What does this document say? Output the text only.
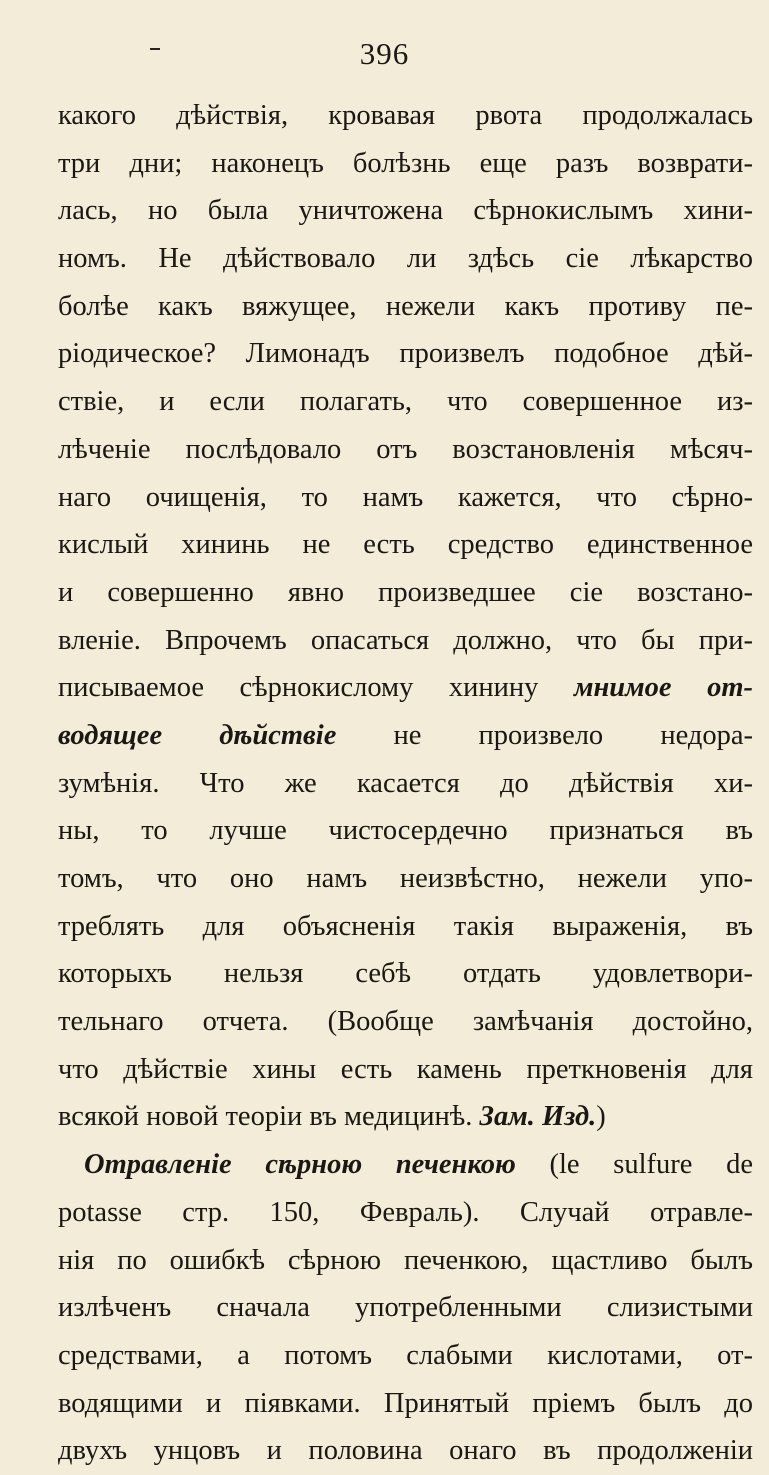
396
какого дѣйствія, кровавая рвота продолжалась
три дни; наконецъ болѣзнь еще разъ возврати-
лась, но была уничтожена сѣрнокислымъ хини-
номъ. Не дѣйствовало ли здѣсь сіе лѣкарство
болѣе какъ вяжущее, нежели какъ противу пе-
ріодическое? Лимонадъ произвелъ подобное дѣй-
ствіе, и если полагать, что совершенное из-
лѣченіе послѣдовало отъ возстановленія мѣсяч-
наго очищенія, то намъ кажется, что сѣрно-
кислый хининь не есть средство единственное
и совершенно явно произведшее сіе возстано-
вленіе. Впрочемъ опасаться должно, что бы при-
писываемое сѣрнокислому хинину мнимое от-
водящее дѣйствіе не произвело недора-
зумѣнія. Что же касается до дѣйствія хи-
ны, то лучше чистосердечно признаться въ
томъ, что оно намъ неизвѣстно, нежели упо-
треблять для объясненія такія выраженія, въ
которыхъ нельзя себѣ отдать удовлетвори-
тельнаго отчета. (Вообще замѣчанія достойно,
что дѣйствіе хины есть камень преткновенія для
всякой новой теоріи въ медицинѣ. Зам. Изд.)
Отравленіе сѣрною печенкою (le sulfure de
potasse стр. 150, Февраль). Случай отравле-
нія по ошибкѣ сѣрною печенкою, щастливо былъ
излѣченъ сначала употребленными слизистыми
средствами, а потомъ слабыми кислотами, от-
водящими и піявками. Принятый пріемъ былъ до
двухъ унцовъ и половина онаго въ продолженіи
